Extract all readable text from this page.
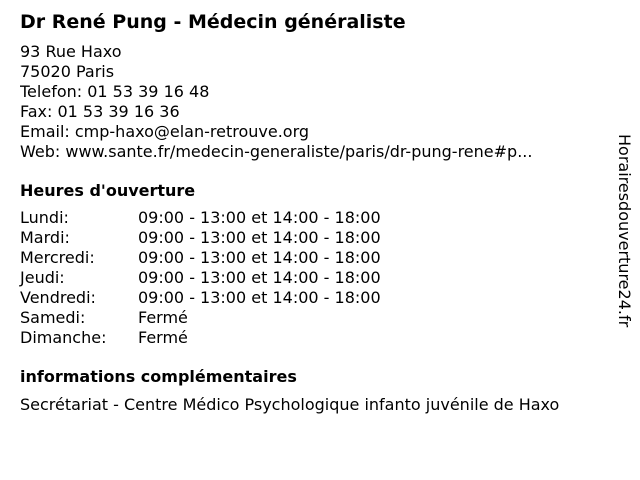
Dr René Pung - Médecin généraliste
93 Rue Haxo
75020 Paris
Telefon: 01 53 39 16 48
Fax: 01 53 39 16 36
Email: cmp-haxo@elan-retrouve.org
Web: www.sante.fr/medecin-generaliste/paris/dr-pung-rene#p...
Heures d'ouverture
Lundi:	09:00 - 13:00 et 14:00 - 18:00
Mardi:	09:00 - 13:00 et 14:00 - 18:00
Mercredi:	09:00 - 13:00 et 14:00 - 18:00
Jeudi:	09:00 - 13:00 et 14:00 - 18:00
Vendredi:	09:00 - 13:00 et 14:00 - 18:00
Samedi:	Fermé
Dimanche:	Fermé
informations complémentaires
Secrétariat - Centre Médico Psychologique infanto juvénile de Haxo
Horairesdouverture24.fr
